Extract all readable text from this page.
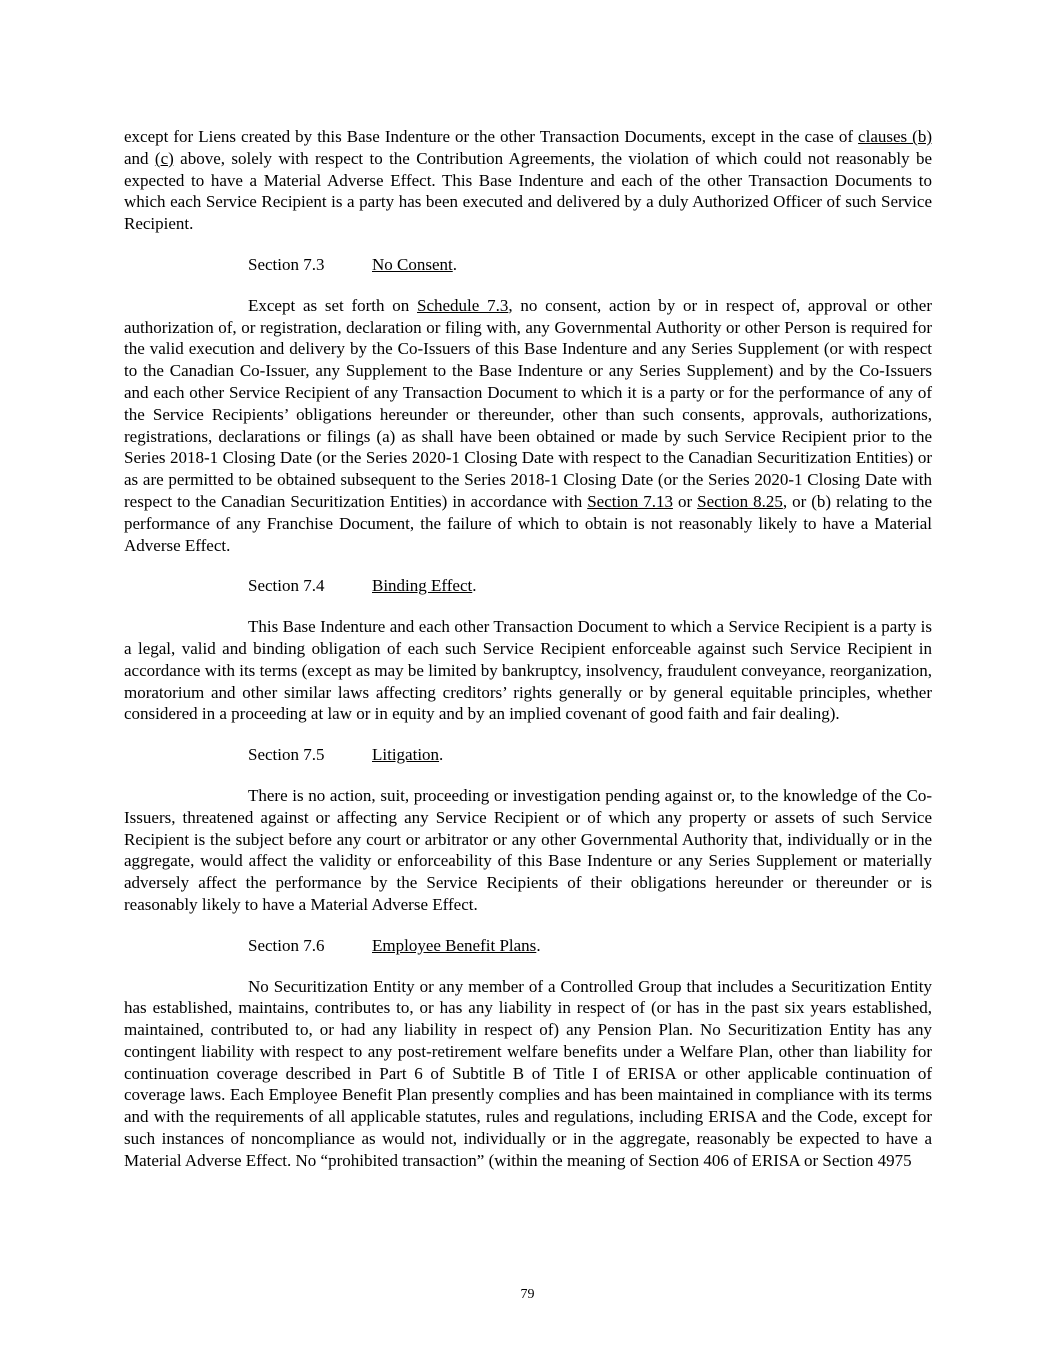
except for Liens created by this Base Indenture or the other Transaction Documents, except in the case of clauses (b) and (c) above, solely with respect to the Contribution Agreements, the violation of which could not reasonably be expected to have a Material Adverse Effect. This Base Indenture and each of the other Transaction Documents to which each Service Recipient is a party has been executed and delivered by a duly Authorized Officer of such Service Recipient.

Section 7.3	No Consent.

Except as set forth on Schedule 7.3, no consent, action by or in respect of, approval or other authorization of, or registration, declaration or filing with, any Governmental Authority or other Person is required for the valid execution and delivery by the Co-Issuers of this Base Indenture and any Series Supplement (or with respect to the Canadian Co-Issuer, any Supplement to the Base Indenture or any Series Supplement) and by the Co-Issuers and each other Service Recipient of any Transaction Document to which it is a party or for the performance of any of the Service Recipients’ obligations hereunder or thereunder, other than such consents, approvals, authorizations, registrations, declarations or filings (a) as shall have been obtained or made by such Service Recipient prior to the Series 2018-1 Closing Date (or the Series 2020-1 Closing Date with respect to the Canadian Securitization Entities) or as are permitted to be obtained subsequent to the Series 2018-1 Closing Date (or the Series 2020-1 Closing Date with respect to the Canadian Securitization Entities) in accordance with Section 7.13 or Section 8.25, or (b) relating to the performance of any Franchise Document, the failure of which to obtain is not reasonably likely to have a Material Adverse Effect.

Section 7.4	Binding Effect.

This Base Indenture and each other Transaction Document to which a Service Recipient is a party is a legal, valid and binding obligation of each such Service Recipient enforceable against such Service Recipient in accordance with its terms (except as may be limited by bankruptcy, insolvency, fraudulent conveyance, reorganization, moratorium and other similar laws affecting creditors’ rights generally or by general equitable principles, whether considered in a proceeding at law or in equity and by an implied covenant of good faith and fair dealing).

Section 7.5	Litigation.

There is no action, suit, proceeding or investigation pending against or, to the knowledge of the Co-Issuers, threatened against or affecting any Service Recipient or of which any property or assets of such Service Recipient is the subject before any court or arbitrator or any other Governmental Authority that, individually or in the aggregate, would affect the validity or enforceability of this Base Indenture or any Series Supplement or materially adversely affect the performance by the Service Recipients of their obligations hereunder or thereunder or is reasonably likely to have a Material Adverse Effect.

Section 7.6	Employee Benefit Plans.

No Securitization Entity or any member of a Controlled Group that includes a Securitization Entity has established, maintains, contributes to, or has any liability in respect of (or has in the past six years established, maintained, contributed to, or had any liability in respect of) any Pension Plan. No Securitization Entity has any contingent liability with respect to any post-retirement welfare benefits under a Welfare Plan, other than liability for continuation coverage described in Part 6 of Subtitle B of Title I of ERISA or other applicable continuation of coverage laws. Each Employee Benefit Plan presently complies and has been maintained in compliance with its terms and with the requirements of all applicable statutes, rules and regulations, including ERISA and the Code, except for such instances of noncompliance as would not, individually or in the aggregate, reasonably be expected to have a Material Adverse Effect. No “prohibited transaction” (within the meaning of Section 406 of ERISA or Section 4975

79
